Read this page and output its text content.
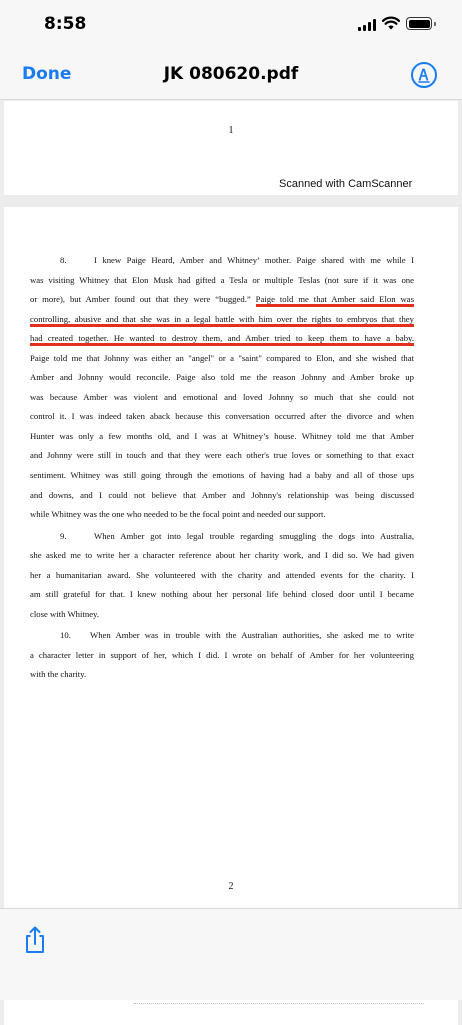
8:58
Done	JK 080620.pdf
1
Scanned with CamScanner
8.	I knew Paige Heard, Amber and Whitney’ mother. Paige shared with me while I
was visiting Whitney that Elon Musk had gifted a Tesla or multiple Teslas (not sure if it was one
or more), but Amber found out that they were “bugged.” Paige told me that Amber said Elon was
controlling, abusive and that she was in a legal battle with him over the rights to embryos that they
had created together. He wanted to destroy them, and Amber tried to keep them to have a baby.
Paige told me that Johnny was either an "angel" or a "saint" compared to Elon, and she wished that
Amber and Johnny would reconcile. Paige also told me the reason Johnny and Amber broke up
was because Amber was violent and emotional and loved Johnny so much that she could not
control it. I was indeed taken aback because this conversation occurred after the divorce and when
Hunter was only a few months old, and I was at Whitney’s house. Whitney told me that Amber
and Johnny were still in touch and that they were each other's true loves or something to that exact
sentiment. Whitney was still going through the emotions of having had a baby and all of those ups
and downs, and I could not believe that Amber and Johnny's relationship was being discussed
while Whitney was the one who needed to be the focal point and needed our support.
9.	When Amber got into legal trouble regarding smuggling the dogs into Australia,
she asked me to write her a character reference about her charity work, and I did so. We had given
her a humanitarian award. She volunteered with the charity and attended events for the charity. I
am still grateful for that. I knew nothing about her personal life behind closed door until I became
close with Whitney.
10. When Amber was in trouble with the Australian authorities, she asked me to write
a character letter in support of her, which I did. I wrote on behalf of Amber for her volunteering
with the charity.
2
